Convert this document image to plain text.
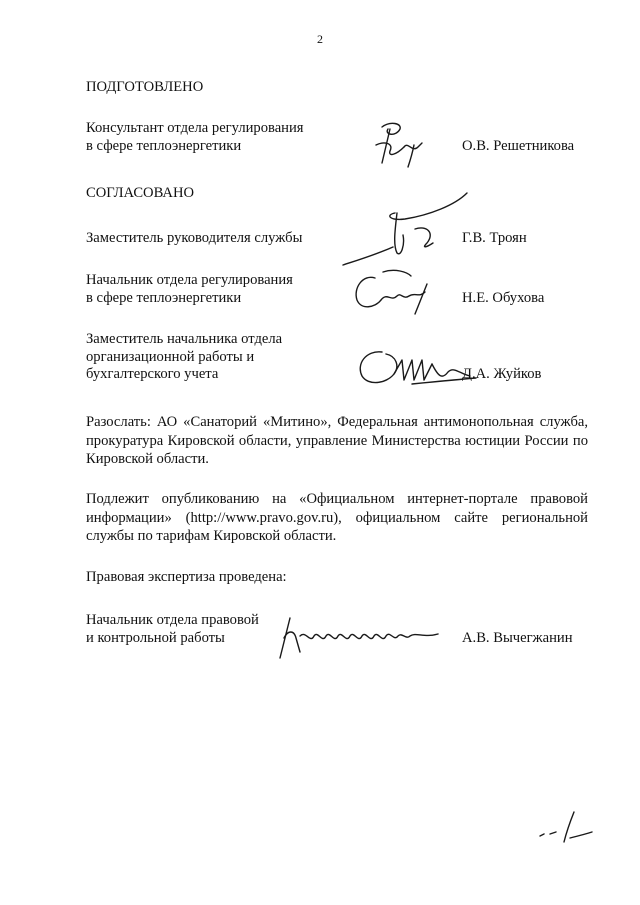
2
ПОДГОТОВЛЕНО
Консультант отдела регулирования
в сфере теплоэнергетики	О.В. Решетникова
СОГЛАСОВАНО
Заместитель руководителя службы	Г.В. Троян
Начальник отдела регулирования
в сфере теплоэнергетики	Н.Е. Обухова
Заместитель начальника отдела
организационной работы и
бухгалтерского учета	Д.А. Жуйков
Разослать: АО «Санаторий «Митино», Федеральная антимонопольная служба, прокуратура Кировской области, управление Министерства юстиции России по Кировской области.
Подлежит опубликованию на «Официальном интернет-портале правовой информации» (http://www.pravo.gov.ru), официальном сайте региональной службы по тарифам Кировской области.
Правовая экспертиза проведена:
Начальник отдела правовой
и контрольной работы	А.В. Вычегжанин
